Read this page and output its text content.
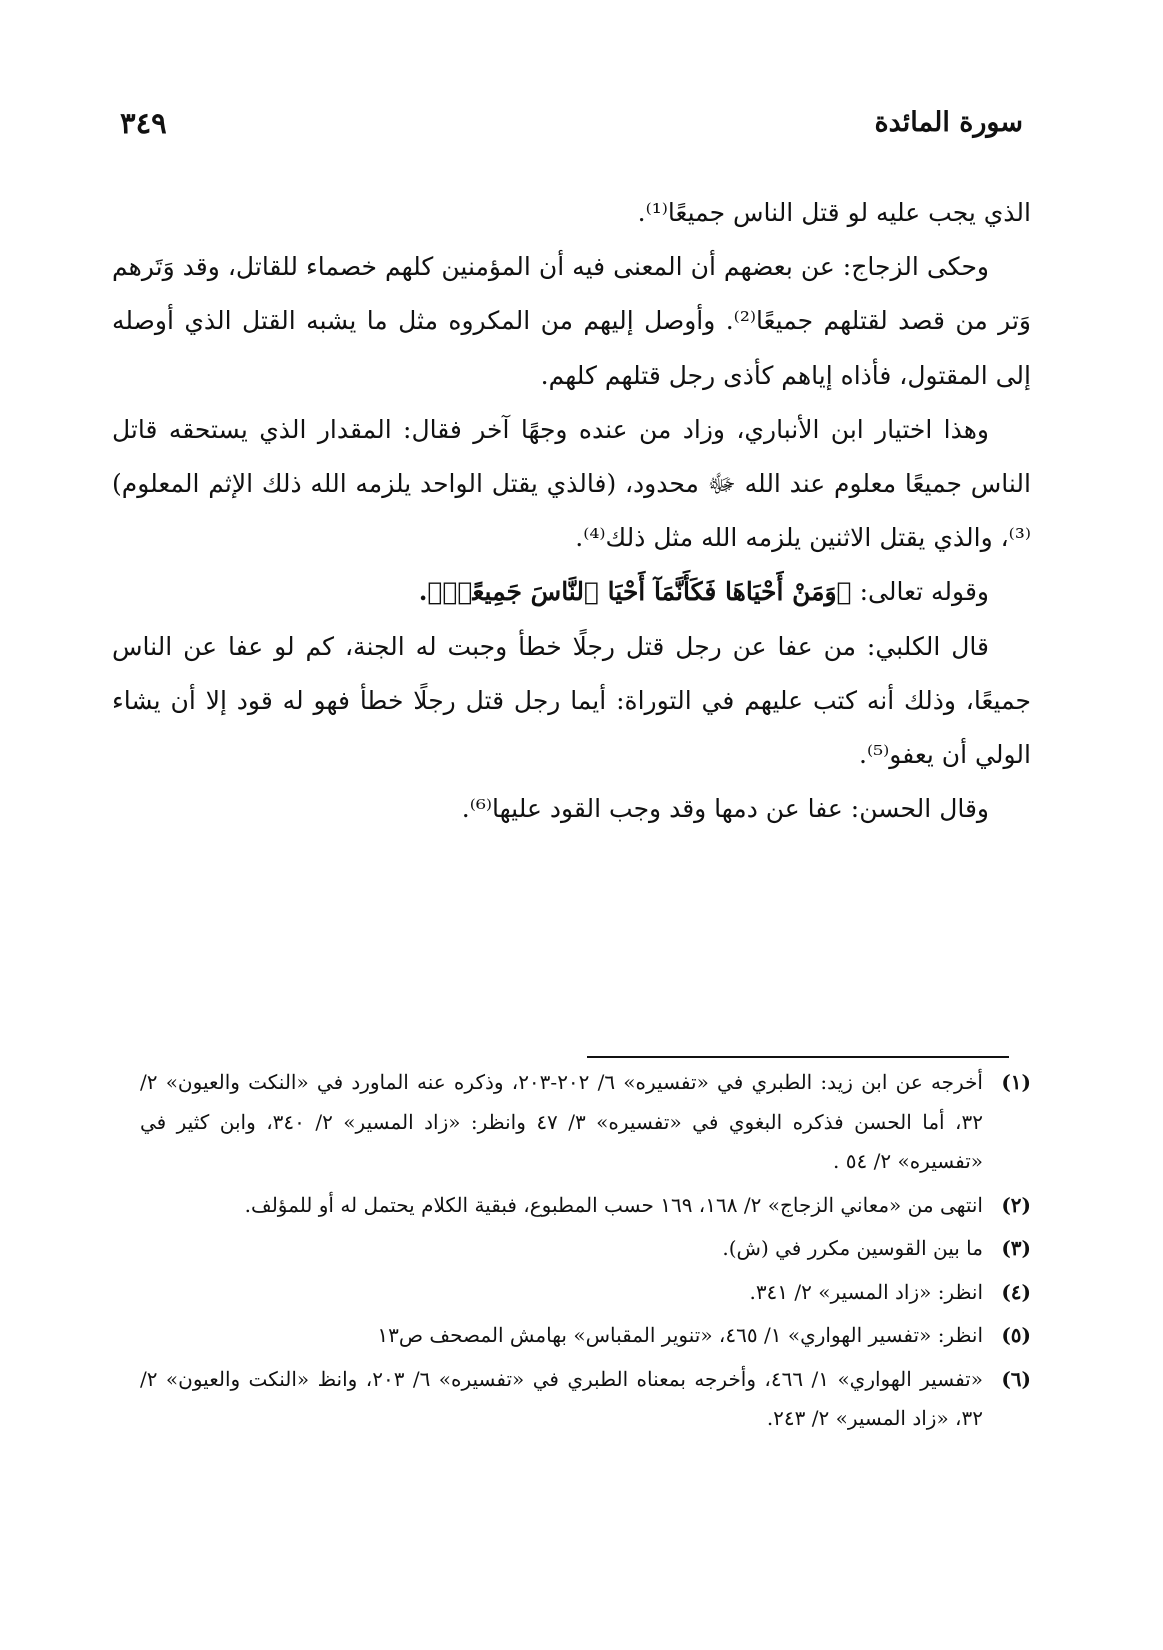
سورة المائدة
٣٤٩

الذي يجب عليه لو قتل الناس جميعًا⁽¹⁾.

وحكى الزجاج: عن بعضهم أن المعنى فيه أن المؤمنين كلهم خصماء للقاتل، وقد وَتَرهم وَتر من قصد لقتلهم جميعًا⁽²⁾. وأوصل إليهم من المكروه مثل ما يشبه القتل الذي أوصله إلى المقتول، فأذاه إياهم كأذى رجل قتلهم كلهم.

وهذا اختيار ابن الأنباري، وزاد من عنده وجهًا آخر فقال: المقدار الذي يستحقه قاتل الناس جميعًا معلوم عند الله ﷻ محدود، (فالذي يقتل الواحد يلزمه الله ذلك الإثم المعلوم)⁽³⁾، والذي يقتل الاثنين يلزمه الله مثل ذلك⁽⁴⁾.

وقوله تعالى: ﴿وَمَنْ أَحْيَاهَا فَكَأَنَّمَآ أَحْيَا ٱلنَّاسَ جَمِيعًاۚ﴾.

قال الكلبي: من عفا عن رجل قتل رجلًا خطأ وجبت له الجنة، كم لو عفا عن الناس جميعًا، وذلك أنه كتب عليهم في التوراة: أيما رجل قتل رجلًا خطأ فهو له قود إلا أن يشاء الولي أن يعفو⁽⁵⁾.

وقال الحسن: عفا عن دمها وقد وجب القود عليها⁽⁶⁾.

(١)
أخرجه عن ابن زيد: الطبري في «تفسيره» ٦/ ٢٠٢-٢٠٣، وذكره عنه الماورد في «النكت والعيون» ٢/ ٣٢، أما الحسن فذكره البغوي في «تفسيره» ٣/ ٤٧ وانظر: «زاد المسير» ٢/ ٣٤٠، وابن كثير في «تفسيره» ٢/ ٥٤ .
(٢)
انتهى من «معاني الزجاج» ٢/ ١٦٨، ١٦٩ حسب المطبوع، فبقية الكلام يحتمل له أو للمؤلف.
(٣)
ما بين القوسين مكرر في (ش).
(٤)
انظر: «زاد المسير» ٢/ ٣٤١.
(٥)
انظر: «تفسير الهواري» ١/ ٤٦٥، «تنوير المقباس» بهامش المصحف ص١٣
(٦)
«تفسير الهواري» ١/ ٤٦٦، وأخرجه بمعناه الطبري في «تفسيره» ٦/ ٢٠٣، وانظ «النكت والعيون» ٢/ ٣٢، «زاد المسير» ٢/ ٢٤٣.
